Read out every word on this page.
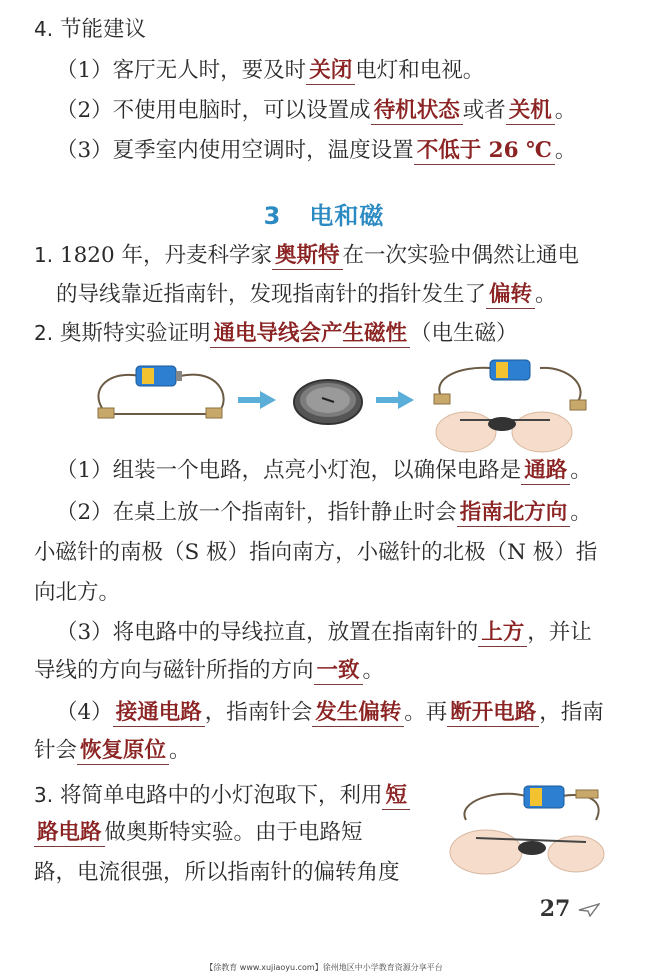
4. 节能建议
（1）客厅无人时，要及时 关闭 电灯和电视。
（2）不使用电脑时，可以设置成 待机状态 或者 关机 。
（3）夏季室内使用空调时，温度设置 不低于 26 ℃ 。
3 电和磁
1. 1820 年，丹麦科学家 奥斯特 在一次实验中偶然让通电
的导线靠近指南针，发现指南针的指针发生了 偏转 。
2. 奥斯特实验证明 通电导线会产生磁性 （电生磁）
（1）组装一个电路，点亮小灯泡，以确保电路是 通路 。
（2）在桌上放一个指南针，指针静止时会 指南北方向 。
小磁针的南极（S 极）指向南方，小磁针的北极（N 极）指
向北方。
（3）将电路中的导线拉直，放置在指南针的 上方 ，并让
导线的方向与磁针所指的方向 一致 。
（4） 接通电路 ，指南针会 发生偏转 。再 断开电路 ，指南
针会 恢复原位 。
3. 将简单电路中的小灯泡取下，利用 短
路电路 做奥斯特实验。由于电路短
路，电流很强，所以指南针的偏转角度
27
【徐教育 www.xujiaoyu.com】徐州地区中小学教育资源分享平台
